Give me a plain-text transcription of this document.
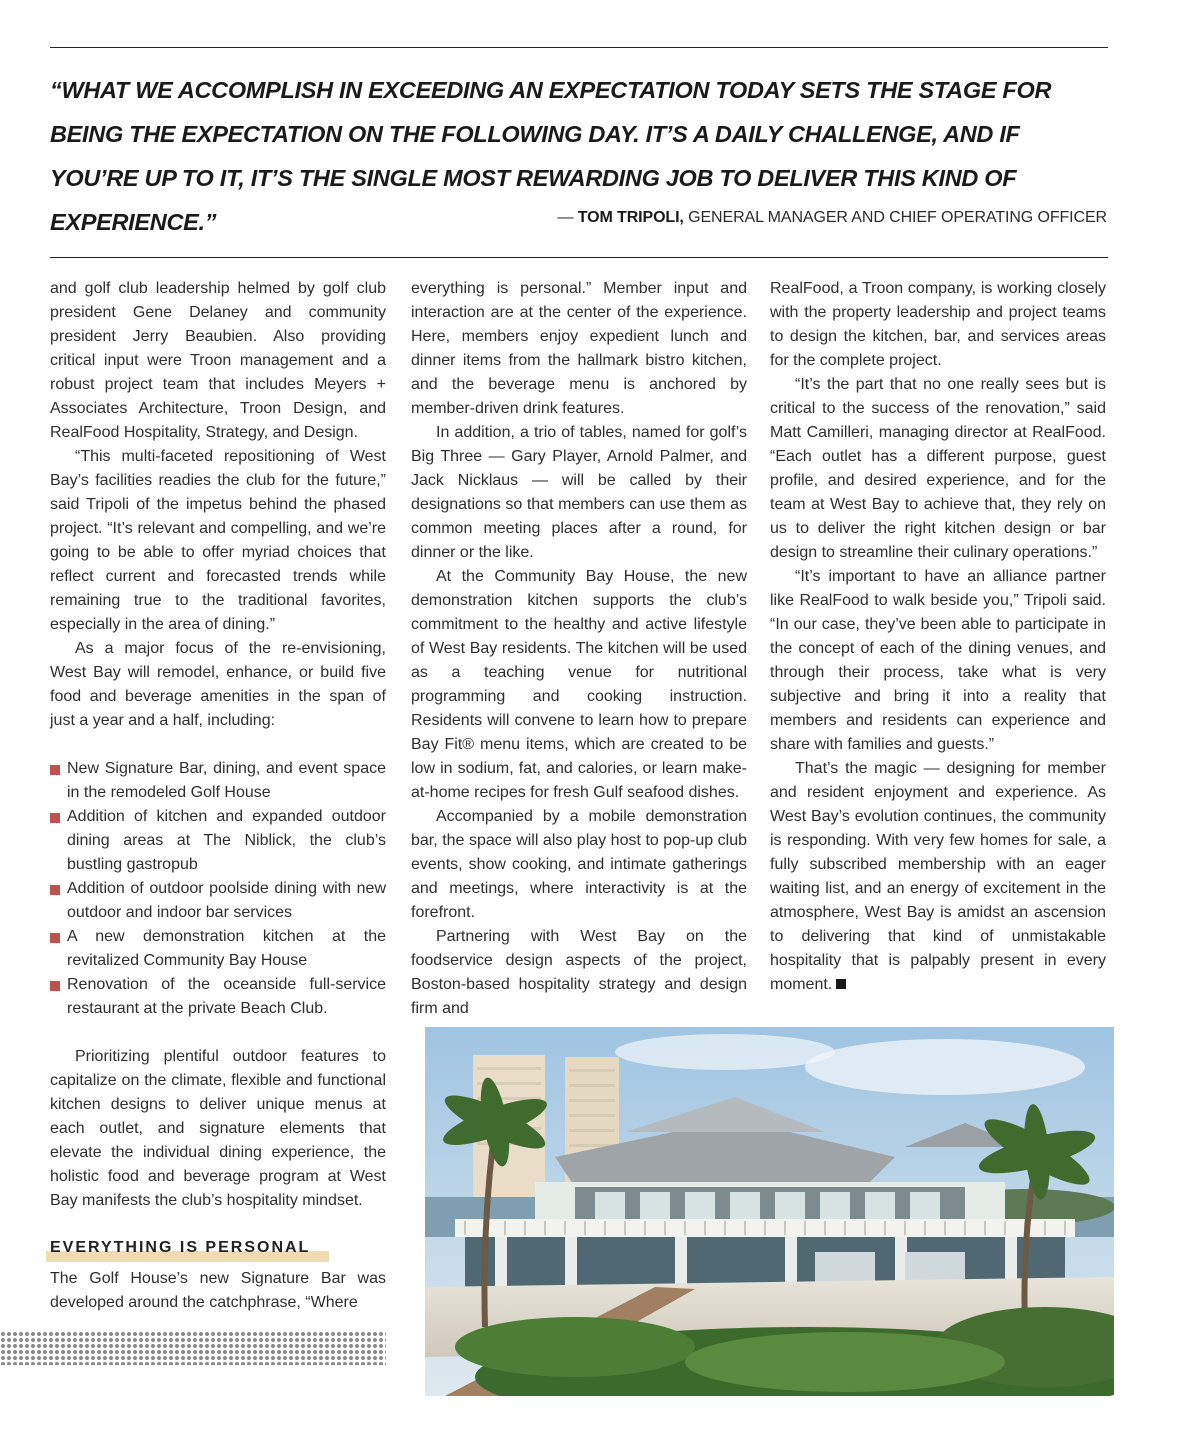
“WHAT WE ACCOMPLISH IN EXCEEDING AN EXPECTATION TODAY SETS THE STAGE FOR BEING THE EXPECTATION ON THE FOLLOWING DAY. IT’S A DAILY CHALLENGE, AND IF YOU’RE UP TO IT, IT’S THE SINGLE MOST REWARDING JOB TO DELIVER THIS KIND OF EXPERIENCE.”	— TOM TRIPOLI, GENERAL MANAGER AND CHIEF OPERATING OFFICER

and golf club leadership helmed by golf club president Gene Delaney and community president Jerry Beaubien. Also providing critical input were Troon management and a robust project team that includes Meyers + Associates Architecture, Troon Design, and RealFood Hospitality, Strategy, and Design.

“This multi-faceted repositioning of West Bay’s facilities readies the club for the future,” said Tripoli of the impetus behind the phased project. “It’s relevant and compelling, and we’re going to be able to offer myriad choices that reflect current and forecasted trends while remaining true to the traditional favorites, especially in the area of dining.”

As a major focus of the re-envisioning, West Bay will remodel, enhance, or build five food and beverage amenities in the span of just a year and a half, including:

New Signature Bar, dining, and event space in the remodeled Golf House
Addition of kitchen and expanded outdoor dining areas at The Niblick, the club’s bustling gastropub
Addition of outdoor poolside dining with new outdoor and indoor bar services
A new demonstration kitchen at the revitalized Community Bay House
Renovation of the oceanside full-service restaurant at the private Beach Club.

Prioritizing plentiful outdoor features to capitalize on the climate, flexible and functional kitchen designs to deliver unique menus at each outlet, and signature elements that elevate the individual dining experience, the holistic food and beverage program at West Bay manifests the club’s hospitality mindset.

EVERYTHING IS PERSONAL

The Golf House’s new Signature Bar was developed around the catchphrase, “Where

everything is personal.” Member input and interaction are at the center of the experience. Here, members enjoy expedient lunch and dinner items from the hallmark bistro kitchen, and the beverage menu is anchored by member-driven drink features.

In addition, a trio of tables, named for golf’s Big Three — Gary Player, Arnold Palmer, and Jack Nicklaus — will be called by their designations so that members can use them as common meeting places after a round, for dinner or the like.

At the Community Bay House, the new demonstration kitchen supports the club’s commitment to the healthy and active lifestyle of West Bay residents. The kitchen will be used as a teaching venue for nutritional programming and cooking instruction. Residents will convene to learn how to prepare Bay Fit® menu items, which are created to be low in sodium, fat, and calories, or learn make-at-home recipes for fresh Gulf seafood dishes.

Accompanied by a mobile demonstration bar, the space will also play host to pop-up club events, show cooking, and intimate gatherings and meetings, where interactivity is at the forefront.

Partnering with West Bay on the foodservice design aspects of the project, Boston-based hospitality strategy and design firm and

RealFood, a Troon company, is working closely with the property leadership and project teams to design the kitchen, bar, and services areas for the complete project.

“It’s the part that no one really sees but is critical to the success of the renovation,” said Matt Camilleri, managing director at RealFood. “Each outlet has a different purpose, guest profile, and desired experience, and for the team at West Bay to achieve that, they rely on us to deliver the right kitchen design or bar design to streamline their culinary operations.”

“It’s important to have an alliance partner like RealFood to walk beside you,” Tripoli said. “In our case, they’ve been able to participate in the concept of each of the dining venues, and through their process, take what is very subjective and bring it into a reality that members and residents can experience and share with families and guests.”

That’s the magic — designing for member and resident enjoyment and experience. As West Bay’s evolution continues, the community is responding. With very few homes for sale, a fully subscribed membership with an eager waiting list, and an energy of excitement in the atmosphere, West Bay is amidst an ascension to delivering that kind of unmistakable hospitality that is palpably present in every moment.
